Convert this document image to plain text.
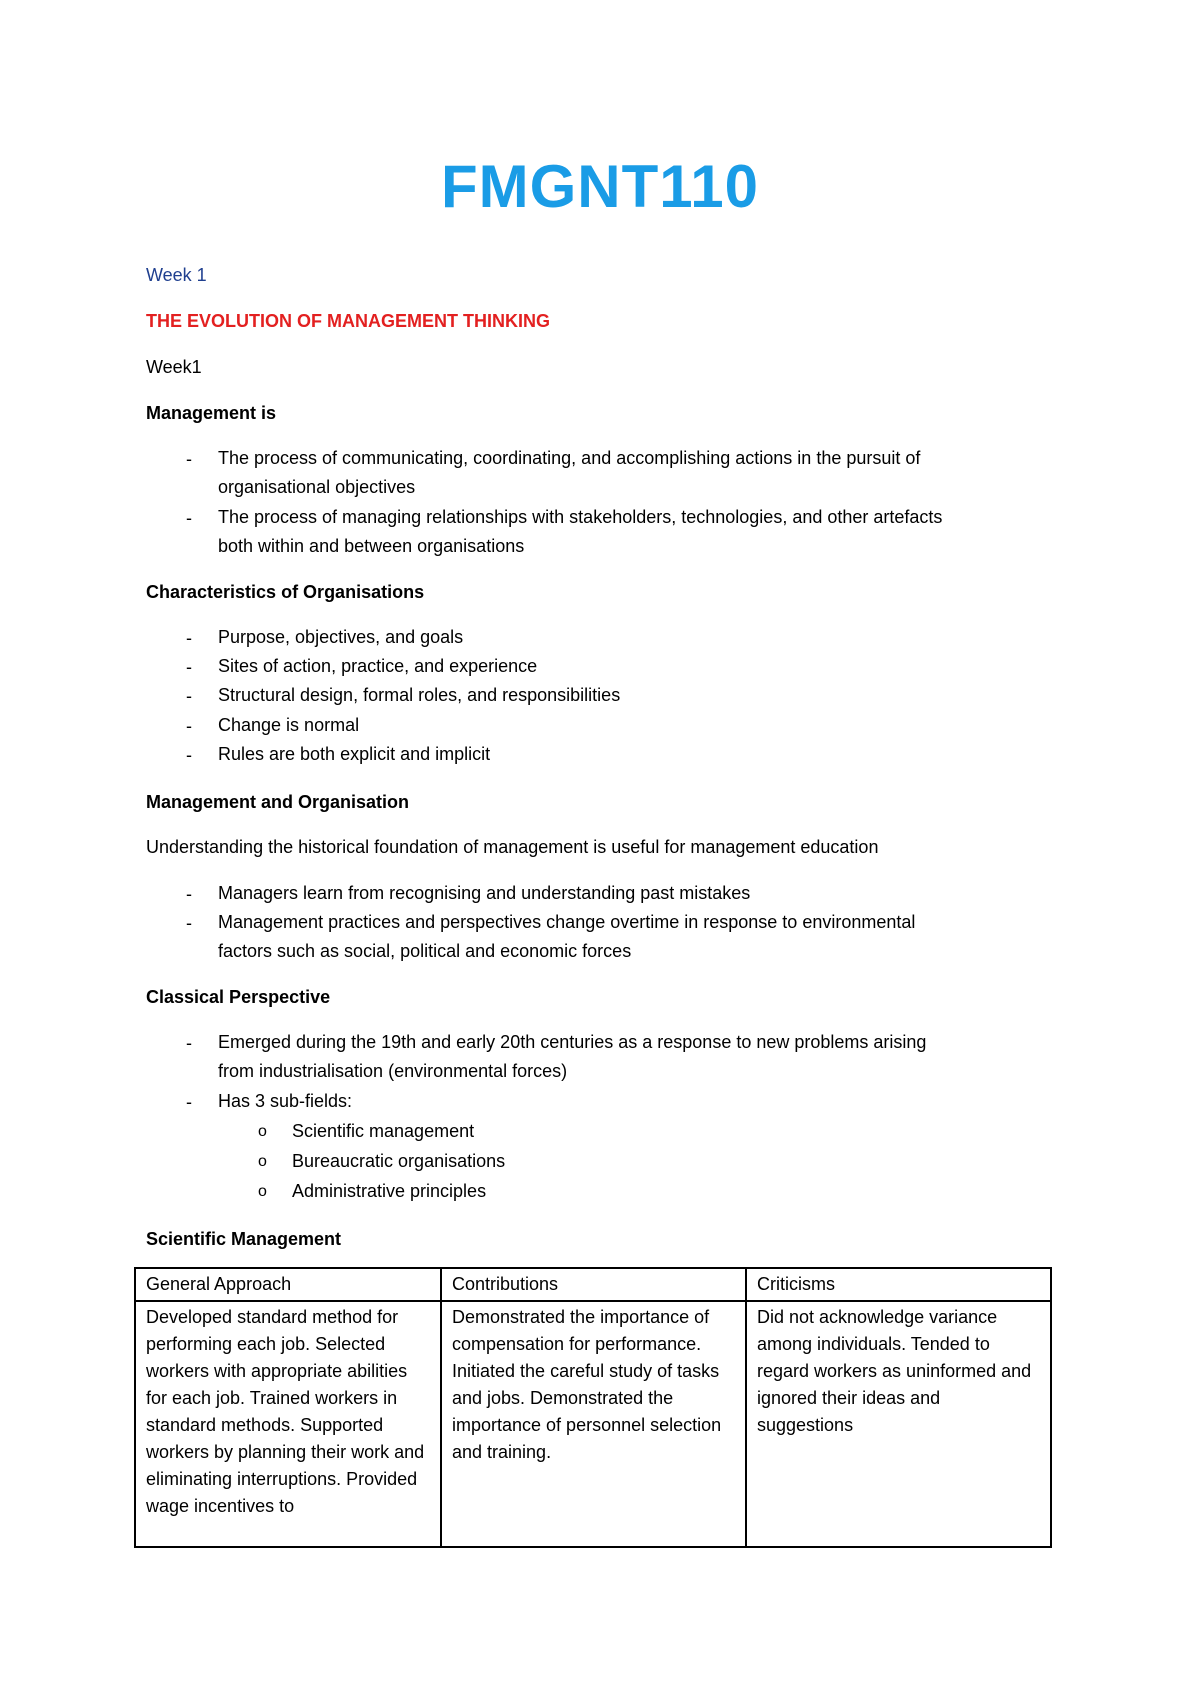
FMGNT110
Week 1
THE EVOLUTION OF MANAGEMENT THINKING
Week1
Management is
- The process of communicating, coordinating, and accomplishing actions in the pursuit of
organisational objectives
- The process of managing relationships with stakeholders, technologies, and other artefacts
both within and between organisations
Characteristics of Organisations
- Purpose, objectives, and goals
- Sites of action, practice, and experience
- Structural design, formal roles, and responsibilities
- Change is normal
- Rules are both explicit and implicit
Management and Organisation
Understanding the historical foundation of management is useful for management education
- Managers learn from recognising and understanding past mistakes
- Management practices and perspectives change overtime in response to environmental
factors such as social, political and economic forces
Classical Perspective
- Emerged during the 19th and early 20th centuries as a response to new problems arising
from industrialisation (environmental forces)
- Has 3 sub-fields:
o Scientific management
o Bureaucratic organisations
o Administrative principles
Scientific Management
General Approach	Contributions	Criticisms
Developed standard method for performing each job. Selected workers with appropriate abilities for each job. Trained workers in standard methods. Supported workers by planning their work and eliminating interruptions. Provided wage incentives to	Demonstrated the importance of compensation for performance. Initiated the careful study of tasks and jobs. Demonstrated the importance of personnel selection and training.	Did not acknowledge variance among individuals. Tended to regard workers as uninformed and ignored their ideas and suggestions
